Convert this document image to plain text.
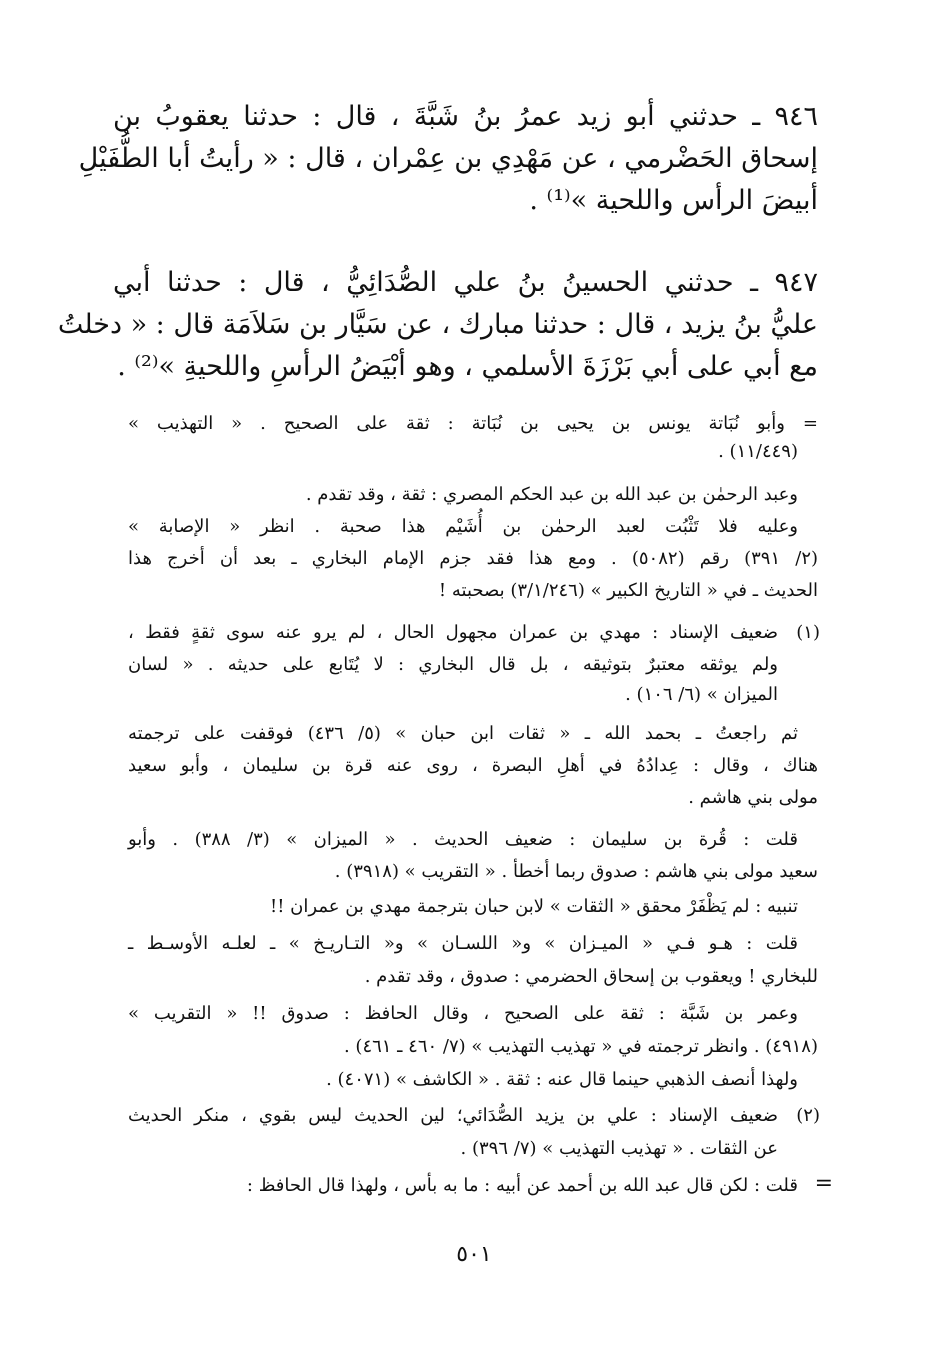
٩٤٦ ـ حدثني أبو زيد عمرُ بنُ شَبَّةَ ، قال : حدثنا يعقوبُ بن
إسحاق الحَضْرمي ، عن مَهْدِي بن عِمْران ، قال : « رأيتُ أبا الطُّفَيْلِ
أبيضَ الرأس واللحية »⁽¹⁾ .
٩٤٧ ـ حدثني الحسينُ بنُ علي الصُّدَائِيُّ ، قال : حدثنا أبي
عليُّ بنُ يزيد ، قال : حدثنا مبارك ، عن سَيَّار بن سَلاَمَة قال : « دخلتُ
مع أبي على أبي بَرْزَةَ الأسلمي ، وهو أبْيَضُ الرأسِ واللحيةِ »⁽²⁾ .
= وأبو نُبَاتة يونس بن يحيى بن نُبَاتة : ثقة على الصحيح . « التهذيب »
(١١/٤٤٩) .
وعبد الرحمٰن بن عبد الله بن عبد الحكم المصري : ثقة ، وقد تقدم .
وعليه فلا تَثْبُت لعبد الرحمٰن بن أُشَيْم هذا صحبة . انظر « الإصابة »
(٢/ ٣٩١) رقم (٥٠٨٢) . ومع هذا فقد جزم الإمام البخاري ـ بعد أن أخرج هذا
الحديث ـ في « التاريخ الكبير » (٣/١/٢٤٦) بصحبته !
(١)
ضعيف الإسناد : مهدي بن عمران مجهول الحال ، لم يرو عنه سوى ثقةٍ فقط ،
ولم يوثقه معتبرٌ بتوثيقه ، بل قال البخاري : لا يُتَابع على حديثه . « لسان
الميزان » (٦/ ١٠٦) .
ثم راجعتُ ـ بحمد الله ـ « ثقات ابن حبان » (٥/ ٤٣٦) فوقفت على ترجمته
هناك ، وقال : عِدادُهُ في أهلِ البصرة ، روى عنه قرة بن سليمان ، وأبو سعيد
مولى بني هاشم .
قلت : قُرة بن سليمان : ضعيف الحديث . « الميزان » (٣/ ٣٨٨) . وأبو
سعيد مولى بني هاشم : صدوق ربما أخطأ . « التقريب » (٣٩١٨) .
تنبيه : لم يَظْفَرْ محقق « الثقات » لابن حبان بترجمة مهدي بن عمران !!
قلت : هـو فـي « الميـزان » و« اللسـان » و« التـاريـخ » ـ لعلـه الأوسـط ـ
للبخاري ! ويعقوب بن إسحاق الحضرمي : صدوق ، وقد تقدم .
وعمر بن شَبَّة : ثقة على الصحيح ، وقال الحافظ : صدوق !! « التقريب »
(٤٩١٨) . وانظر ترجمته في « تهذيب التهذيب » (٧/ ٤٦٠ ـ ٤٦١) .
ولهذا أنصف الذهبي حينما قال عنه : ثقة . « الكاشف » (٤٠٧١) .
(٢)
ضعيف الإسناد : علي بن يزيد الصُّدَائي؛ لين الحديث ليس بقوي ، منكر الحديث
عن الثقات . « تهذيب التهذيب » (٧/ ٣٩٦) .
قلت : لكن قال عبد الله بن أحمد عن أبيه : ما به بأس ، ولهذا قال الحافظ : =
٥٠١
